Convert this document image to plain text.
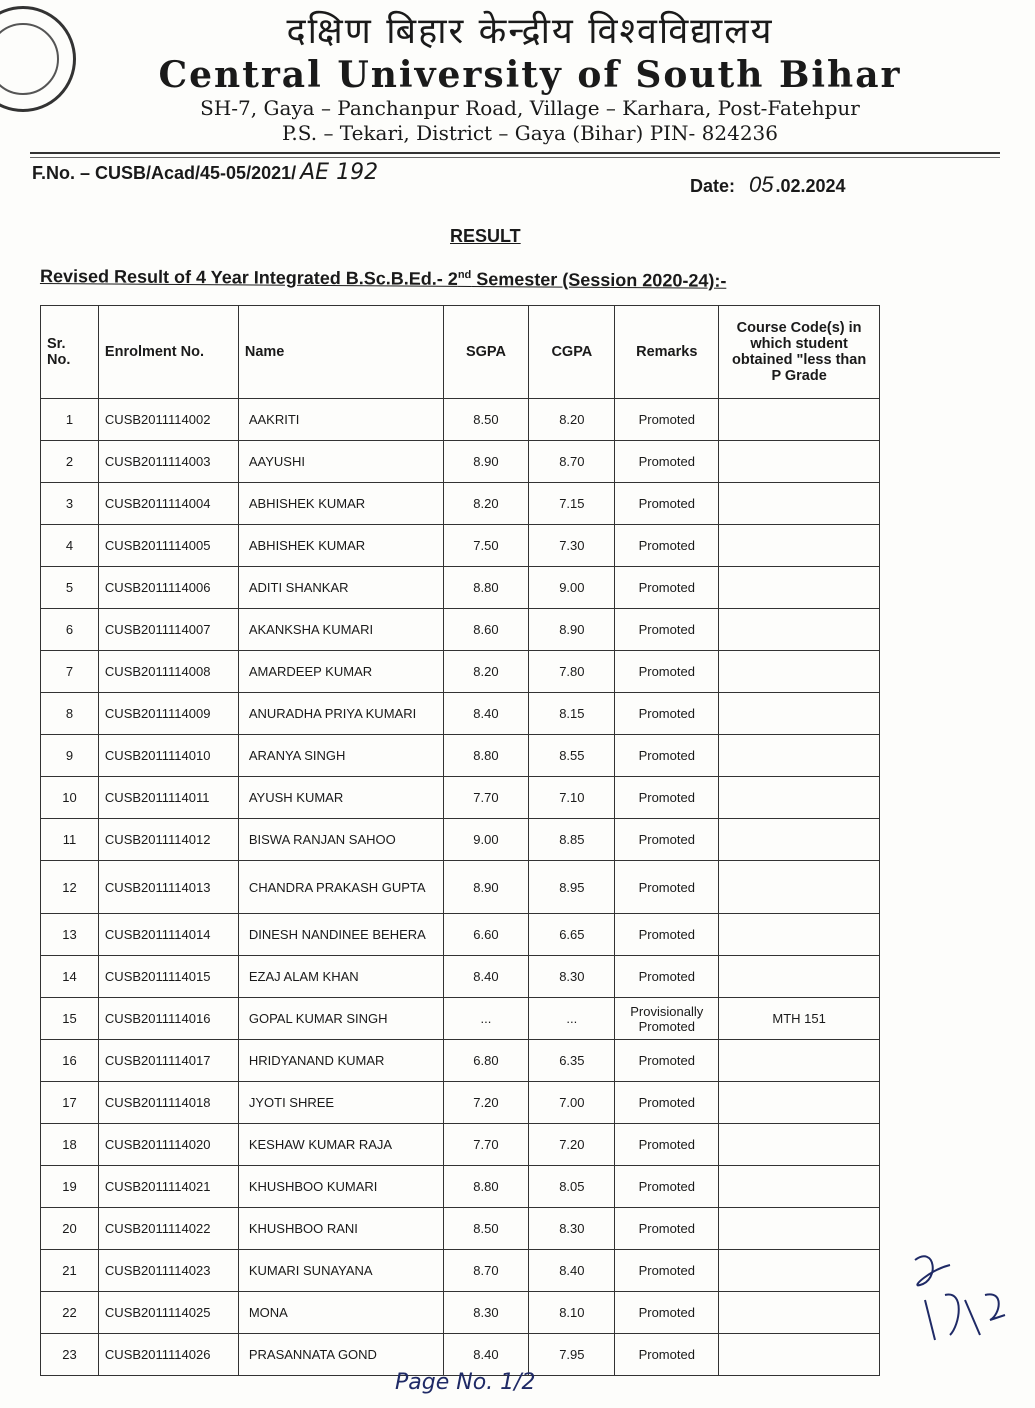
दक्षिण बिहार केन्द्रीय विश्वविद्यालय
Central University of South Bihar
SH-7, Gaya – Panchanpur Road, Village – Karhara, Post-Fatehpur
P.S. – Tekari, District – Gaya (Bihar) PIN- 824236
F.No. – CUSB/Acad/45-05/2021/ AE 192
Date: 05 .02.2024
RESULT
Revised Result of 4 Year Integrated B.Sc.B.Ed.- 2nd Semester (Session 2020-24):-
Sr. No.	Enrolment No.	Name	SGPA	CGPA	Remarks	Course Code(s) in which student obtained "less than P Grade
1	CUSB2011114002	AAKRITI	8.50	8.20	Promoted	
2	CUSB2011114003	AAYUSHI	8.90	8.70	Promoted	
3	CUSB2011114004	ABHISHEK KUMAR	8.20	7.15	Promoted	
4	CUSB2011114005	ABHISHEK KUMAR	7.50	7.30	Promoted	
5	CUSB2011114006	ADITI SHANKAR	8.80	9.00	Promoted	
6	CUSB2011114007	AKANKSHA KUMARI	8.60	8.90	Promoted	
7	CUSB2011114008	AMARDEEP KUMAR	8.20	7.80	Promoted	
8	CUSB2011114009	ANURADHA PRIYA KUMARI	8.40	8.15	Promoted	
9	CUSB2011114010	ARANYA SINGH	8.80	8.55	Promoted	
10	CUSB2011114011	AYUSH KUMAR	7.70	7.10	Promoted	
11	CUSB2011114012	BISWA RANJAN SAHOO	9.00	8.85	Promoted	
12	CUSB2011114013	CHANDRA PRAKASH GUPTA	8.90	8.95	Promoted	
13	CUSB2011114014	DINESH NANDINEE BEHERA	6.60	6.65	Promoted	
14	CUSB2011114015	EZAJ ALAM KHAN	8.40	8.30	Promoted	
15	CUSB2011114016	GOPAL KUMAR SINGH	...	...	Provisionally Promoted	MTH 151
16	CUSB2011114017	HRIDYANAND KUMAR	6.80	6.35	Promoted	
17	CUSB2011114018	JYOTI SHREE	7.20	7.00	Promoted	
18	CUSB2011114020	KESHAW KUMAR RAJA	7.70	7.20	Promoted	
19	CUSB2011114021	KHUSHBOO KUMARI	8.80	8.05	Promoted	
20	CUSB2011114022	KHUSHBOO RANI	8.50	8.30	Promoted	
21	CUSB2011114023	KUMARI SUNAYANA	8.70	8.40	Promoted	
22	CUSB2011114025	MONA	8.30	8.10	Promoted	
23	CUSB2011114026	PRASANNATA GOND	8.40	7.95	Promoted	
Page No. 1/2
